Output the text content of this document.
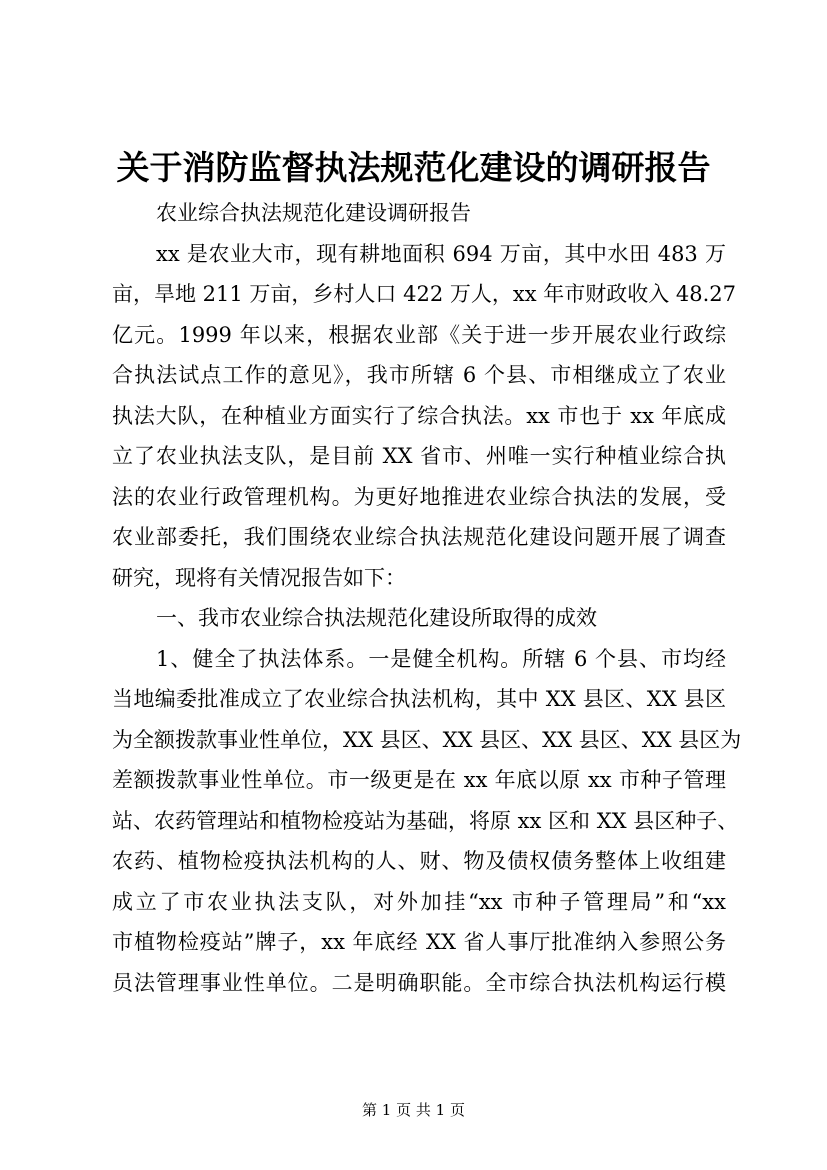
关于消防监督执法规范化建设的调研报告
农业综合执法规范化建设调研报告
xx 是农业大市，现有耕地面积 694 万亩，其中水田 483 万
亩，旱地 211 万亩，乡村人口 422 万人，xx 年市财政收入 48.27
亿元。1999 年以来，根据农业部《关于进一步开展农业行政综
合执法试点工作的意见》，我市所辖 6 个县、市相继成立了农业
执法大队，在种植业方面实行了综合执法。xx 市也于 xx 年底成
立了农业执法支队，是目前 XX 省市、州唯一实行种植业综合执
法的农业行政管理机构。为更好地推进农业综合执法的发展，受
农业部委托，我们围绕农业综合执法规范化建设问题开展了调查
研究，现将有关情况报告如下：
一、我市农业综合执法规范化建设所取得的成效
1、健全了执法体系。一是健全机构。所辖 6 个县、市均经
当地编委批准成立了农业综合执法机构，其中 XX 县区、XX 县区
为全额拨款事业性单位，XX 县区、XX 县区、XX 县区、XX 县区为
差额拨款事业性单位。市一级更是在 xx 年底以原 xx 市种子管理
站、农药管理站和植物检疫站为基础，将原 xx 区和 XX 县区种子、
农药、植物检疫执法机构的人、财、物及债权债务整体上收组建
成立了市农业执法支队，对外加挂“xx 市种子管理局”和“xx
市植物检疫站”牌子，xx 年底经 XX 省人事厅批准纳入参照公务
员法管理事业性单位。二是明确职能。全市综合执法机构运行模
第 1 页 共 1 页
